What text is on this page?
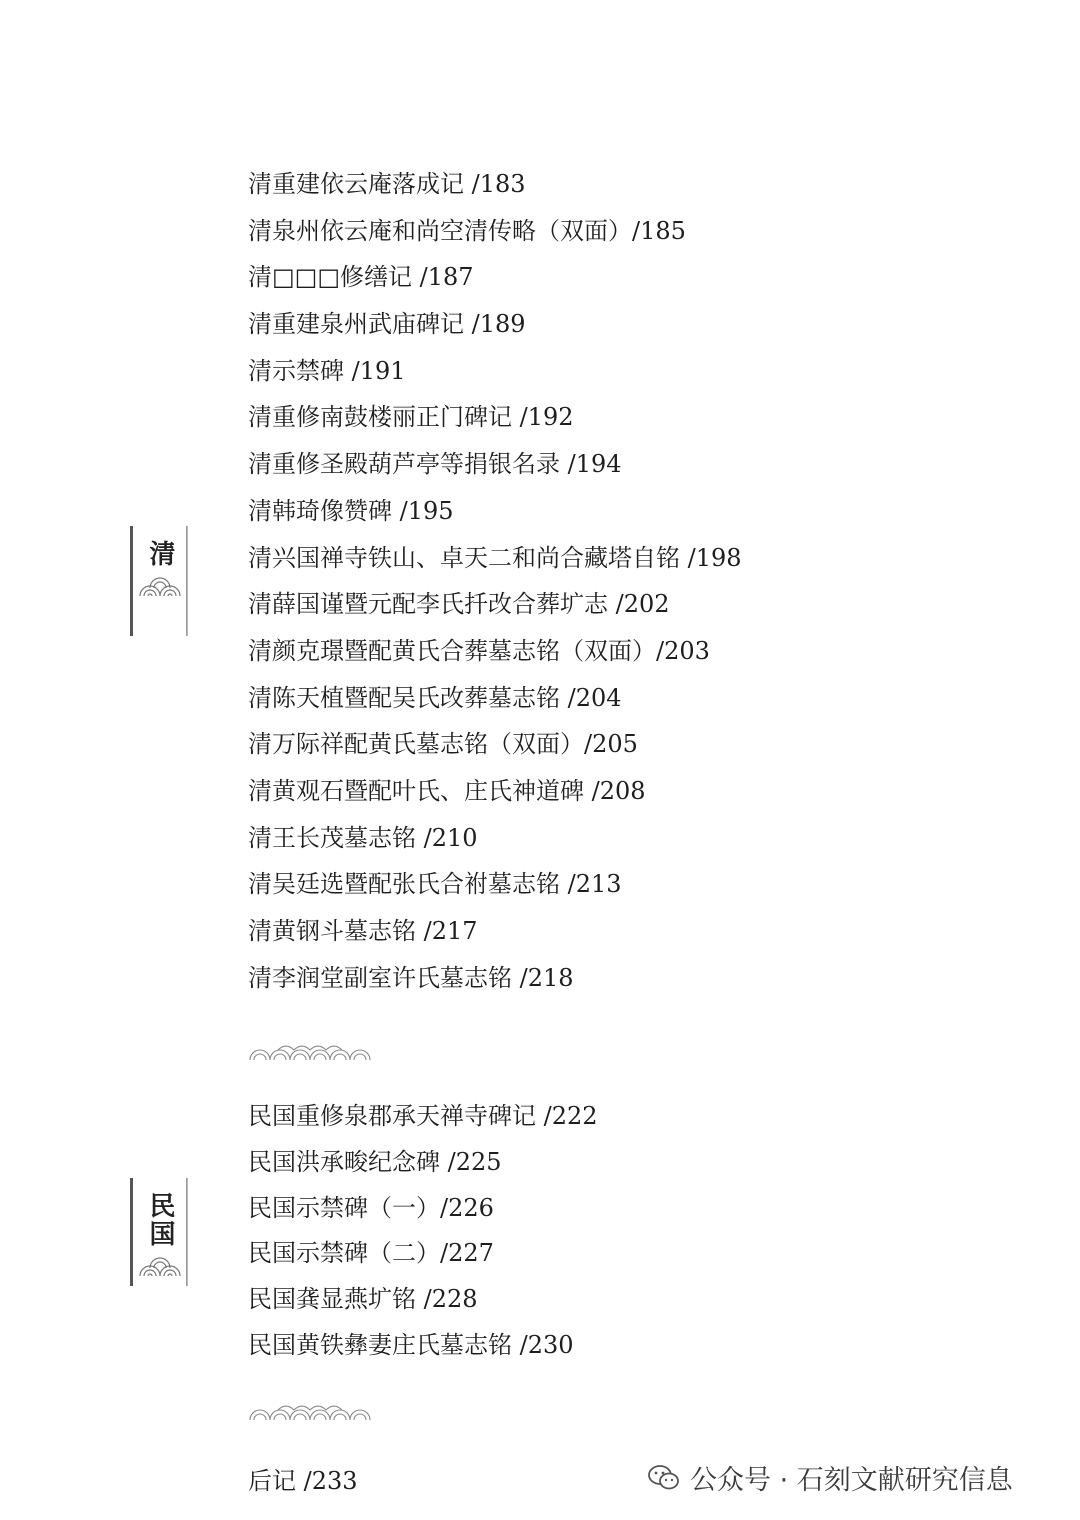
清
清重建依云庵落成记 /183
清泉州依云庵和尚空清传略（双面）/185
清□□□修缮记 /187
清重建泉州武庙碑记 /189
清示禁碑 /191
清重修南鼓楼丽正门碑记 /192
清重修圣殿葫芦亭等捐银名录 /194
清韩琦像赞碑 /195
清兴国禅寺铁山、卓天二和尚合藏塔自铭 /198
清薛国谨暨元配李氏扦改合葬圹志 /202
清颜克璟暨配黄氏合葬墓志铭（双面）/203
清陈天植暨配吴氏改葬墓志铭 /204
清万际祥配黄氏墓志铭（双面）/205
清黄观石暨配叶氏、庄氏神道碑 /208
清王长茂墓志铭 /210
清吴廷选暨配张氏合祔墓志铭 /213
清黄钢斗墓志铭 /217
清李润堂副室许氏墓志铭 /218
民国
民国重修泉郡承天禅寺碑记 /222
民国洪承畯纪念碑 /225
民国示禁碑（一）/226
民国示禁碑（二）/227
民国龚显燕圹铭 /228
民国黄铁彝妻庄氏墓志铭 /230

后记 /233	公众号 · 石刻文献研究信息
